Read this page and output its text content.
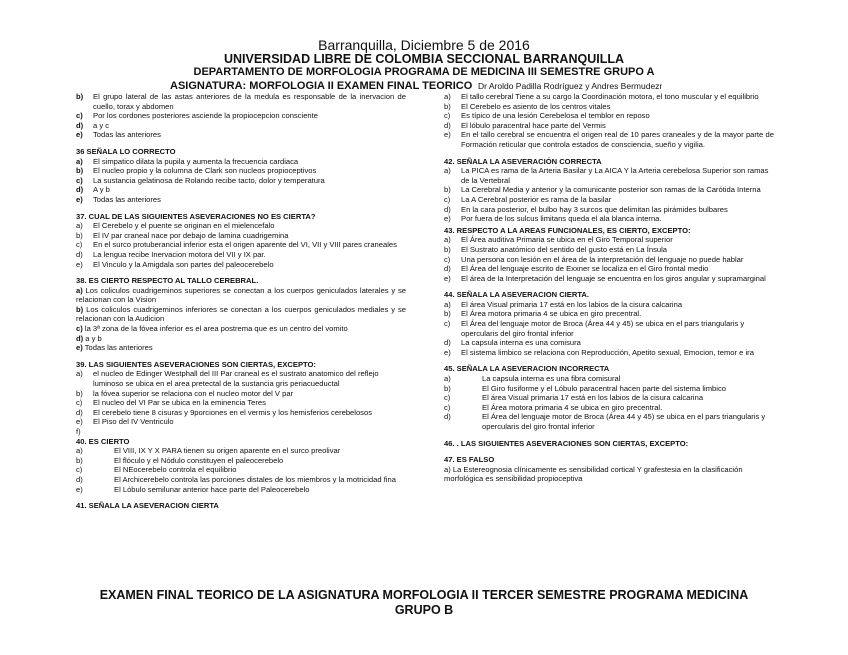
Barranquilla, Diciembre 5 de 2016
UNIVERSIDAD LIBRE DE COLOMBIA SECCIONAL BARRANQUILLA
DEPARTAMENTO DE MORFOLOGIA PROGRAMA DE MEDICINA III SEMESTRE GRUPO A
ASIGNATURA: MORFOLOGIA II EXAMEN FINAL TEORICO Dr Aroldo Padilla Rodríguez y Andres Bermudezr
b)	El grupo lateral de las astas anteriores de la medula es responsable de la inervacion de cuello, torax y abdomen
c)	Por los cordones posteriores asciende la propiocepcion consciente
d)	a y c
e)	Todas las anteriores
36 SEÑALA LO CORRECTO
a)	El simpatico dilata la pupila y aumenta la frecuencia cardiaca
b)	El nucleo propio y la columna de Clark son nucleos propioceptivos
c)	La sustancia gelatinosa de Rolando recibe tacto, dolor y temperatura
d)	A y b
e)	Todas las anteriores
37. CUAL DE LAS SIGUIENTES ASEVERACIONES NO ES CIERTA?
a)	El Cerebelo y el puente se originan en el mielencefalo
b)	El IV par craneal nace por debajo de lamina cuadrigemina
c)	En el surco protuberancial inferior esta el origen aparente del VI, VII y VIII pares craneales
d)	La lengua recibe Inervacion motora del VII y IX par.
e)	El Vinculo y la Amigdala son partes del paleocerebelo
38. ES CIERTO RESPECTO AL TALLO CEREBRAL.
a) Los coliculos cuadrigeminos superiores se conectan a los cuerpos geniculados laterales y se relacionan con la Vision
b) Los coliculos cuadrigeminos inferiores se conectan a los cuerpos geniculados mediales y se relacionan con la Audicion
c) la 3ª zona de la fóvea inferior es el area postrema que es un centro del vomito
d) a y b
e) Todas las anteriores
39. LAS SIGUIENTES ASEVERACIONES SON CIERTAS, EXCEPTO:
a)	el nucleo de Edinger Westphall del III Par craneal es el sustrato anatomico del reflejo luminoso se ubica en el area pretectal de la sustancia gris periacueductal
b)	la fóvea superior se relaciona con el nucleo motor del V par
c)	El nucleo del VI Par se ubica en la eminencia Teres
d)	El cerebelo tiene 8 cisuras y 9porciones en el vermis y los hemisferios cerebelosos
e)	El Piso del IV Ventriculo
f)
40. ES CIERTO
a)	El VIII, IX Y X PARA tienen su origen aparente en el surco preolivar
b)	El flóculo y el Nódulo constituyen el paleocerebelo
c)	El NEocerebelo controla el equilibrio
d)	El Archicerebelo controla las porciones distales de los miembros y la motricidad fina
e)	El Lóbulo semilunar anterior hace parte del Paleocerebelo
41. SEÑALA LA ASEVERACION CIERTA
a)	El tallo cerebral Tiene a su cargo la Coordinación motora, el tono muscular y el equilibrio
b)	El Cerebelo es asiento de los centros vitales
c)	Es típico de una lesión Cerebelosa el temblor en reposo
d)	El lóbulo paracentral hace parte del Vermis
e)	En el tallo cerebral se encuentra el origen real de 10 pares craneales y de la mayor parte de Formación reticular que controla estados de consciencia, sueño y vigilia.
42. SEÑALA LA ASEVERACIÓN CORRECTA
a)	La PICA es rama de la Arteria Basilar y La AICA Y la Arteria cerebelosa Superior son ramas de la Vertebral
b)	La Cerebral Media y anterior y la comunicante posterior son ramas de la Carótida Interna
c)	La A Cerebral posterior es rama de la basilar
d)	En la cara posterior, el bulbo hay 3 surcos que delimitan las pirámides bulbares
e)	Por fuera de los sulcus limitans queda el ala blanca interna.
43. RESPECTO A LA AREAS FUNCIONALES, ES CIERTO, EXCEPTO:
a)	El Área auditiva Primaria se ubica en el Giro Temporal superior
b)	El Sustrato anatómico del sentido del gusto está en La Ínsula
c)	Una persona con lesión en el área de la interpretación del lenguaje no puede hablar
d)	El Área del lenguaje escrito de Exxner se localiza en el Giro frontal medio
e)	El área de la Interpretación del lenguaje se encuentra en los giros angular y supramarginal
44. SEÑALA LA ASEVERACION CIERTA.
a)	El área Visual primaria 17 está en los labios de la cisura calcarina
b)	El Área motora primaria 4 se ubica en giro precentral.
c)	El Área del lenguaje motor de Broca (Área 44 y 45) se ubica en el pars triangularis y opercularis del giro frontal inferior
d)	La capsula interna es una comisura
e)	El sistema limbico se relaciona con Reproducción, Apetito sexual, Emocion, temor e ira
45. SEÑALA LA ASEVERACION INCORRECTA
a)	La capsula interna es una fibra comisural
b)	El Giro fusiforme y el Lóbulo paracentral hacen parte del sistema limbico
c)	El área Visual primaria 17 está en los labios de la cisura calcarina
c)	El Área motora primaria 4 se ubica en giro precentral.
d)	El Área del lenguaje motor de Broca (Área 44 y 45) se ubica en el pars triangularis y opercularis del giro frontal inferior
46. . LAS SIGUIENTES ASEVERACIONES SON CIERTAS, EXCEPTO:
47. ES FALSO
a) La Estereognosia clínicamente es sensibilidad cortical Y grafestesia en la clasificación morfológica es sensibilidad propioceptiva
EXAMEN FINAL TEORICO DE LA ASIGNATURA MORFOLOGIA II TERCER SEMESTRE PROGRAMA MEDICINA
GRUPO B
